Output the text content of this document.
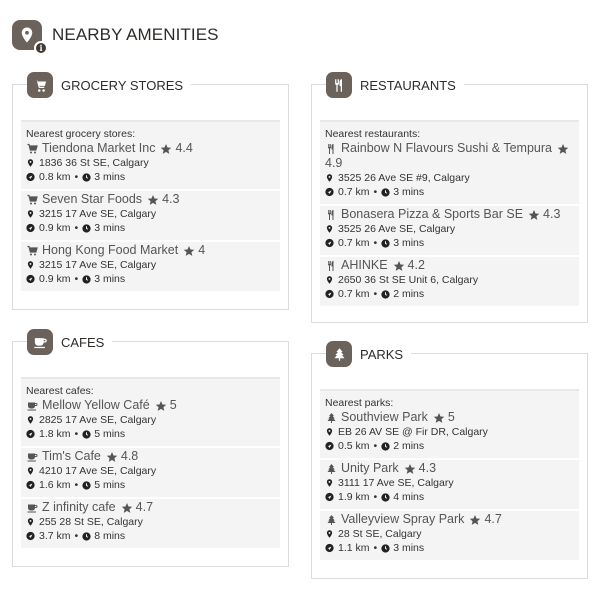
i
NEARBY AMENITIES
GROCERY STORES
Nearest grocery stores:
Tiendona Market Inc 4.4
1836 36 St SE, Calgary
0.8 km • 3 mins
Seven Star Foods 4.3
3215 17 Ave SE, Calgary
0.9 km • 3 mins
Hong Kong Food Market 4
3215 17 Ave SE, Calgary
0.9 km • 3 mins
RESTAURANTS
Nearest restaurants:
Rainbow N Flavours Sushi & Tempura
4.9
3525 26 Ave SE #9, Calgary
0.7 km • 3 mins
Bonasera Pizza & Sports Bar SE 4.3
3525 26 Ave SE, Calgary
0.7 km • 3 mins
AHINKE 4.2
2650 36 St SE Unit 6, Calgary
0.7 km • 2 mins
CAFES
Nearest cafes:
Mellow Yellow Café 5
2825 17 Ave SE, Calgary
1.8 km • 5 mins
Tim's Cafe 4.8
4210 17 Ave SE, Calgary
1.6 km • 5 mins
Z infinity cafe 4.7
255 28 St SE, Calgary
3.7 km • 8 mins
PARKS
Nearest parks:
Southview Park 5
EB 26 AV SE @ Fir DR, Calgary
0.5 km • 2 mins
Unity Park 4.3
3111 17 Ave SE, Calgary
1.9 km • 4 mins
Valleyview Spray Park 4.7
28 St SE, Calgary
1.1 km • 3 mins
